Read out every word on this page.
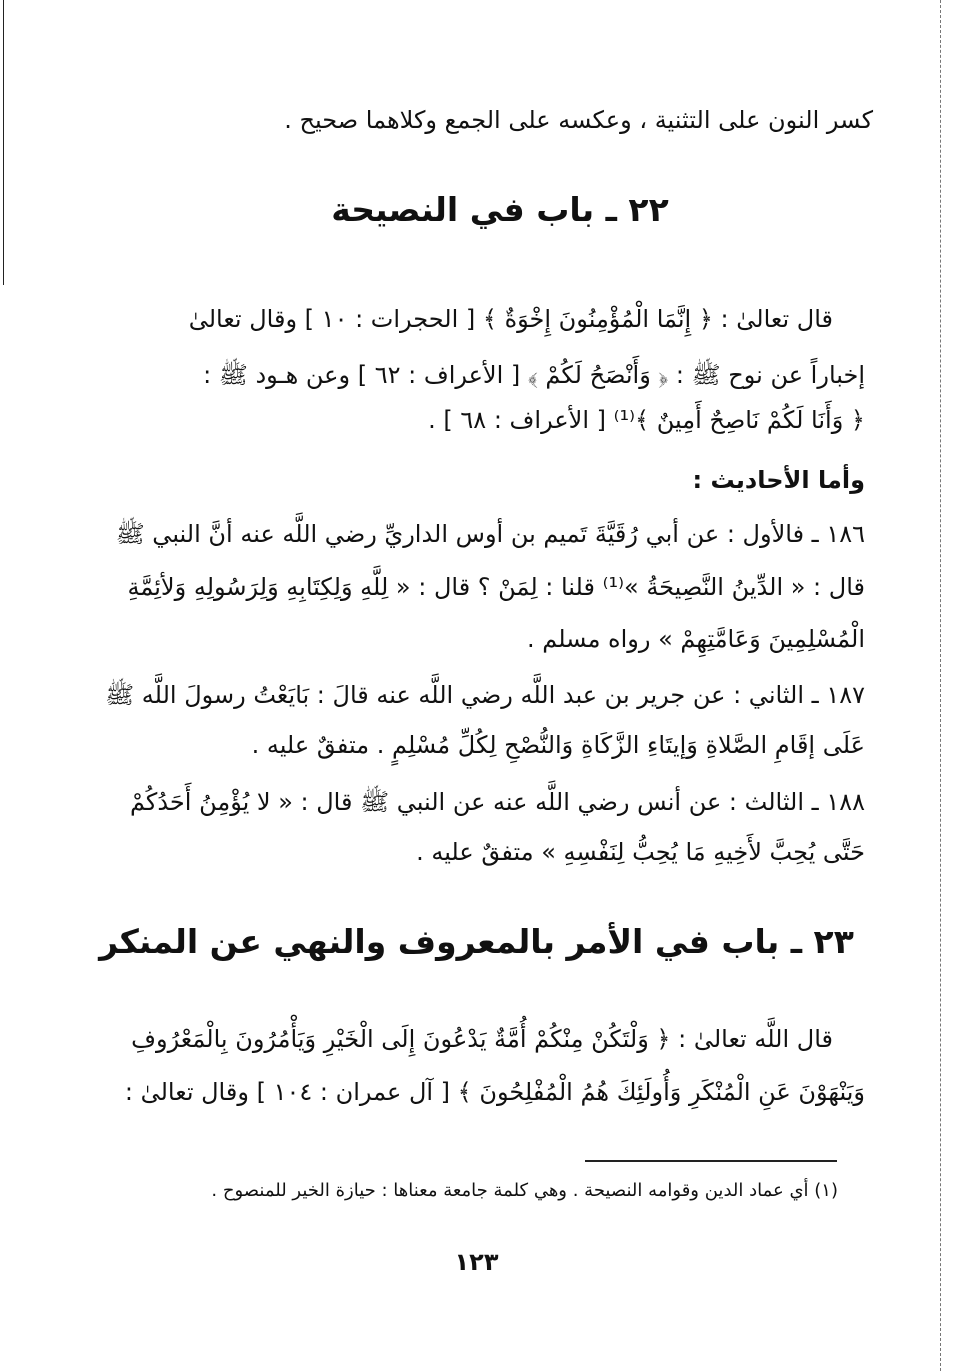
كسر النون على التثنية ، وعكسه على الجمع وكلاهما صحيح .
٢٢ ـ باب في النصيحة
قال تعالىٰ : ﴿ إِنَّمَا الْمُؤْمِنُونَ إِخْوَةٌ ﴾ [ الحجرات : ١٠ ] وقال تعالىٰ
إخباراً عن نوح ﷺ : ﴿ وَأَنْصَحُ لَكُمْ ﴾ [ الأعراف : ٦٢ ] وعن هـود ﷺ :
﴿ وَأَنَا لَكُمْ نَاصِحٌ أَمِينٌ ﴾⁽¹⁾ [ الأعراف : ٦٨ ] .
وأما الأحاديث :
١٨٦ ـ فالأول : عن أبي رُقَيَّةَ تَميم بن أوس الداريِّ رضي اللَّه عنه أنَّ النبي ﷺ
قال : « الدِّينُ النَّصِيحَةُ »⁽¹⁾ قلنا : لِمَنْ ؟ قال : « لِلَّهِ وَلِكِتَابِهِ وَلِرَسُولِهِ وَلأئِمَّةِ
الْمُسْلِمِينَ وَعَامَّتِهِمْ » رواه مسلم .
١٨٧ ـ الثاني : عن جرير بن عبد اللَّه رضي اللَّه عنه قالَ : بَايَعْتُ رسولَ اللَّه ﷺ
عَلَى إقَامِ الصَّلاةِ وَإيتَاءِ الزَّكَاةِ وَالنُّصْحِ لِكُلِّ مُسْلِمٍ . متفقٌ عليه .
١٨٨ ـ الثالث : عن أنس رضي اللَّه عنه عن النبي ﷺ قال : « لا يُؤْمِنُ أَحَدُكُمْ
حَتَّى يُحِبَّ لأَخِيهِ مَا يُحِبُّ لِنَفْسِهِ » متفقٌ عليه .
٢٣ ـ باب في الأمر بالمعروف والنهي عن المنكر
قال اللَّه تعالىٰ : ﴿ وَلْتَكُنْ مِنْكُمْ أُمَّةٌ يَدْعُونَ إِلَى الْخَيْرِ وَيَأْمُرُونَ بِالْمَعْرُوفِ
وَيَنْهَوْنَ عَنِ الْمُنْكَرِ وَأُولَئِكَ هُمُ الْمُفْلِحُونَ ﴾ [ آل عمران : ١٠٤ ] وقال تعالىٰ :
(١) أي عماد الدين وقوامه النصيحة . وهي كلمة جامعة معناها : حيازة الخير للمنصوح .
١٢٣
